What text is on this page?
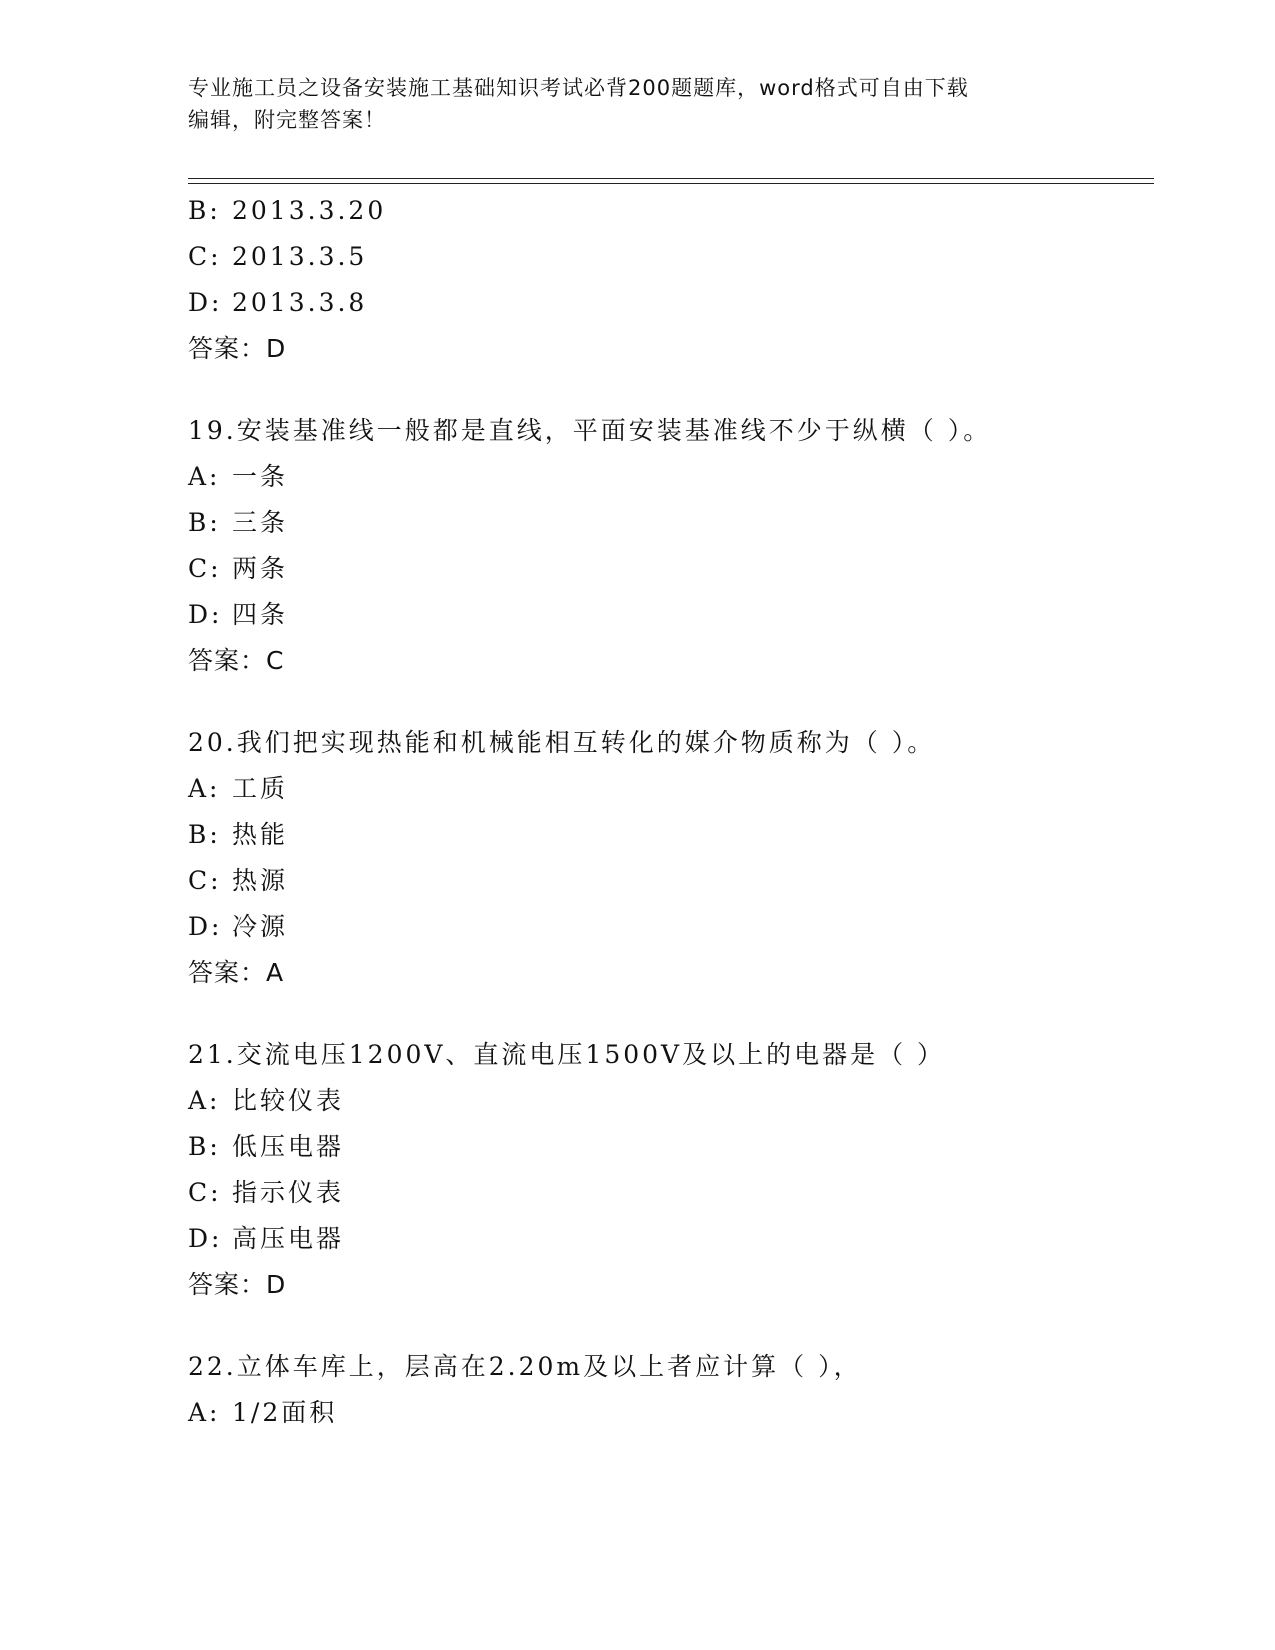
专业施工员之设备安装施工基础知识考试必背200题题库，word格式可自由下载
编辑，附完整答案！
B: 2013.3.20
C: 2013.3.5
D: 2013.3.8
答案：D
19.安装基准线一般都是直线，平面安装基准线不少于纵横（ ）。
A: 一条
B: 三条
C: 两条
D: 四条
答案：C
20.我们把实现热能和机械能相互转化的媒介物质称为（ ）。
A: 工质
B: 热能
C: 热源
D: 冷源
答案：A
21.交流电压1200V、直流电压1500V及以上的电器是（ ）
A: 比较仪表
B: 低压电器
C: 指示仪表
D: 高压电器
答案：D
22.立体车库上，层高在2.20m及以上者应计算（ ），
A: 1/2面积
